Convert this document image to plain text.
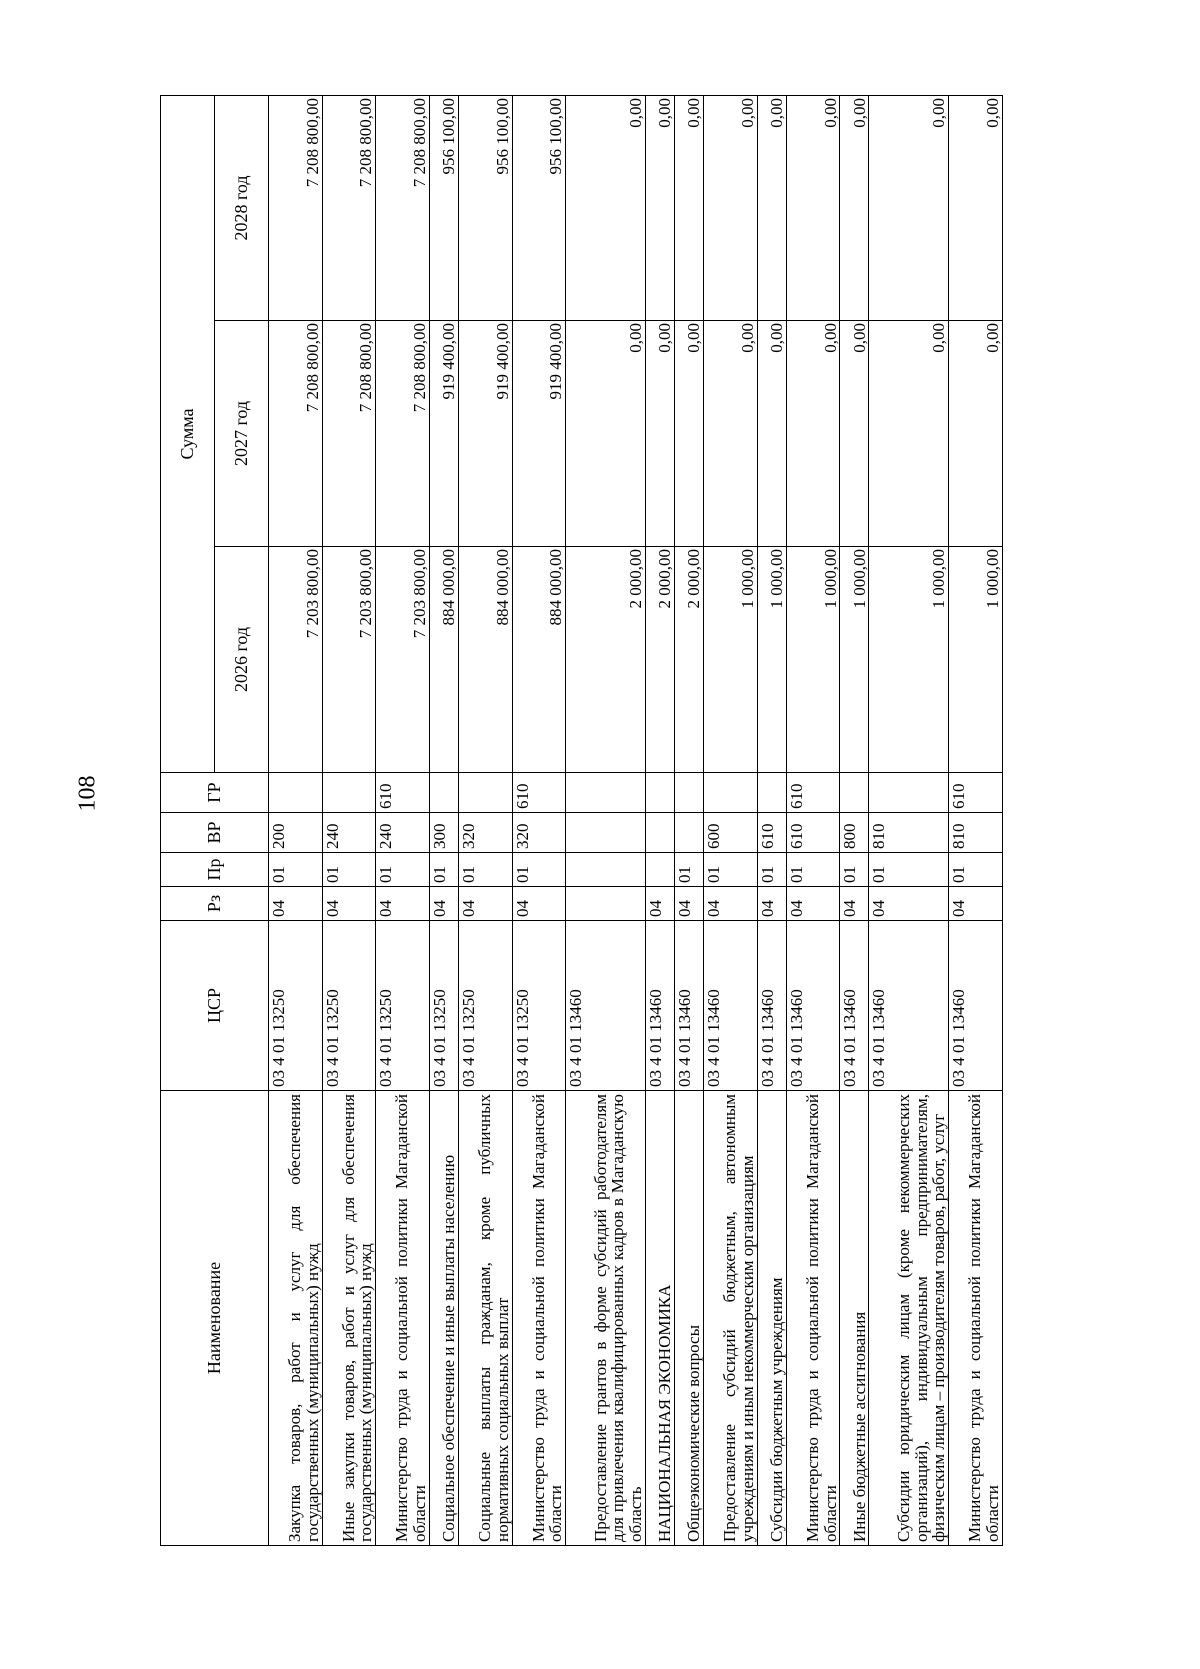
108
Наименование	ЦСР	Рз	Пр	ВР	ГР	Сумма		
						2026 год	2027 год	2028 год
Закупка товаров, работ и услуг для обеспечения государственных (муниципальных) нужд	03 4 01 13250	04	01	200		7 203 800,00	7 208 800,00	7 208 800,00
Иные закупки товаров, работ и услуг для обеспечения государственных (муниципальных) нужд	03 4 01 13250	04	01	240		7 203 800,00	7 208 800,00	7 208 800,00
Министерство труда и социальной политики Магаданской области	03 4 01 13250	04	01	240	610	7 203 800,00	7 208 800,00	7 208 800,00
Социальное обеспечение и иные выплаты населению	03 4 01 13250	04	01	300		884 000,00	919 400,00	956 100,00
Социальные выплаты гражданам, кроме публичных нормативных социальных выплат	03 4 01 13250	04	01	320		884 000,00	919 400,00	956 100,00
Министерство труда и социальной политики Магаданской области	03 4 01 13250	04	01	320	610	884 000,00	919 400,00	956 100,00
Предоставление грантов в форме субсидий работодателям для привлечения квалифицированных кадров в Магаданскую область	03 4 01 13460					2 000,00	0,00	0,00
НАЦИОНАЛЬНАЯ ЭКОНОМИКА	03 4 01 13460	04				2 000,00	0,00	0,00
Общеэкономические вопросы	03 4 01 13460	04	01			2 000,00	0,00	0,00
Предоставление субсидий бюджетным, автономным учреждениям и иным некоммерческим организациям	03 4 01 13460	04	01	600		1 000,00	0,00	0,00
Субсидии бюджетным учреждениям	03 4 01 13460	04	01	610		1 000,00	0,00	0,00
Министерство труда и социальной политики Магаданской области	03 4 01 13460	04	01	610	610	1 000,00	0,00	0,00
Иные бюджетные ассигнования	03 4 01 13460	04	01	800		1 000,00	0,00	0,00
Субсидии юридическим лицам (кроме некоммерческих организаций), индивидуальным предпринимателям, физическим лицам – производителям товаров, работ, услуг	03 4 01 13460	04	01	810		1 000,00	0,00	0,00
Министерство труда и социальной политики Магаданской области	03 4 01 13460	04	01	810	610	1 000,00	0,00	0,00
